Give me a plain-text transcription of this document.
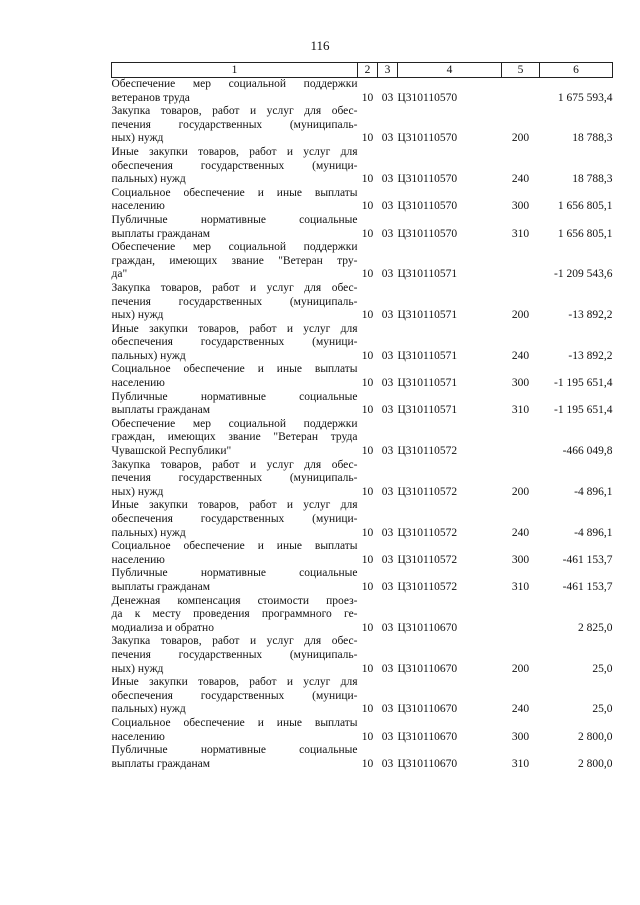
116
1	2	3	4	5	6

Обеспечение мер социальной поддержки
ветеранов труда	10	03	Ц310110570		1 675 593,4

Закупка товаров, работ и услуг для обес-
печения государственных (муниципаль-
ных) нужд	10	03	Ц310110570	200	18 788,3

Иные закупки товаров, работ и услуг для
обеспечения государственных (муници-
пальных) нужд	10	03	Ц310110570	240	18 788,3

Социальное обеспечение и иные выплаты
населению	10	03	Ц310110570	300	1 656 805,1

Публичные нормативные социальные
выплаты гражданам	10	03	Ц310110570	310	1 656 805,1

Обеспечение мер социальной поддержки
граждан, имеющих звание "Ветеран тру-
да"	10	03	Ц310110571		-1 209 543,6

Закупка товаров, работ и услуг для обес-
печения государственных (муниципаль-
ных) нужд	10	03	Ц310110571	200	-13 892,2

Иные закупки товаров, работ и услуг для
обеспечения государственных (муници-
пальных) нужд	10	03	Ц310110571	240	-13 892,2

Социальное обеспечение и иные выплаты
населению	10	03	Ц310110571	300	-1 195 651,4

Публичные нормативные социальные
выплаты гражданам	10	03	Ц310110571	310	-1 195 651,4

Обеспечение мер социальной поддержки
граждан, имеющих звание "Ветеран труда
Чувашской Республики"	10	03	Ц310110572		-466 049,8

Закупка товаров, работ и услуг для обес-
печения государственных (муниципаль-
ных) нужд	10	03	Ц310110572	200	-4 896,1

Иные закупки товаров, работ и услуг для
обеспечения государственных (муници-
пальных) нужд	10	03	Ц310110572	240	-4 896,1

Социальное обеспечение и иные выплаты
населению	10	03	Ц310110572	300	-461 153,7

Публичные нормативные социальные
выплаты гражданам	10	03	Ц310110572	310	-461 153,7

Денежная компенсация стоимости проез-
да к месту проведения программного ге-
модиализа и обратно	10	03	Ц310110670		2 825,0

Закупка товаров, работ и услуг для обес-
печения государственных (муниципаль-
ных) нужд	10	03	Ц310110670	200	25,0

Иные закупки товаров, работ и услуг для
обеспечения государственных (муници-
пальных) нужд	10	03	Ц310110670	240	25,0

Социальное обеспечение и иные выплаты
населению	10	03	Ц310110670	300	2 800,0

Публичные нормативные социальные
выплаты гражданам	10	03	Ц310110670	310	2 800,0
